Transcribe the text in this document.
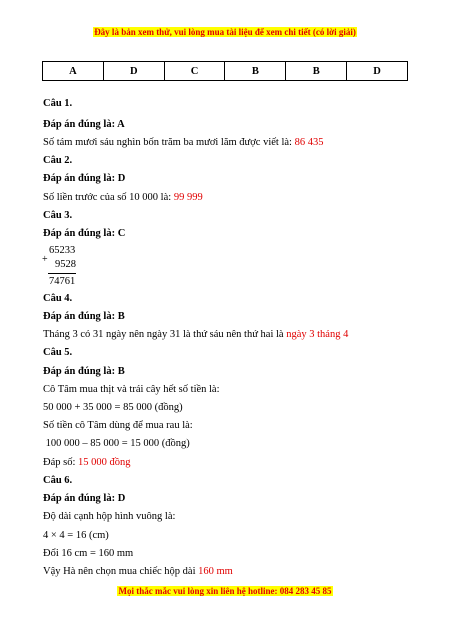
Đây là bản xem thử, vui lòng mua tài liệu để xem chi tiết (có lời giải)
A	D	C	B	B	D
Câu 1.
Đáp án đúng là: A
Số tám mươi sáu nghìn bốn trăm ba mươi lăm được viết là: 86 435
Câu 2.
Đáp án đúng là: D
Số liền trước của số 10 000 là: 99 999
Câu 3.
Đáp án đúng là: C
+
65233
9528
74761
Câu 4.
Đáp án đúng là: B
Tháng 3 có 31 ngày nên ngày 31 là thứ sáu nên thứ hai là ngày 3 tháng 4
Câu 5.
Đáp án đúng là: B
Cô Tâm mua thịt và trái cây hết số tiền là:
50 000 + 35 000 = 85 000 (đồng)
Số tiền cô Tâm dùng để mua rau là:
100 000 – 85 000 = 15 000 (đồng)
Đáp số: 15 000 đồng
Câu 6.
Đáp án đúng là: D
Độ dài cạnh hộp hình vuông là:
4 × 4 = 16 (cm)
Đổi 16 cm = 160 mm
Vậy Hà nên chọn mua chiếc hộp dài 160 mm
Mọi thắc mắc vui lòng xin liên hệ hotline: 084 283 45 85
